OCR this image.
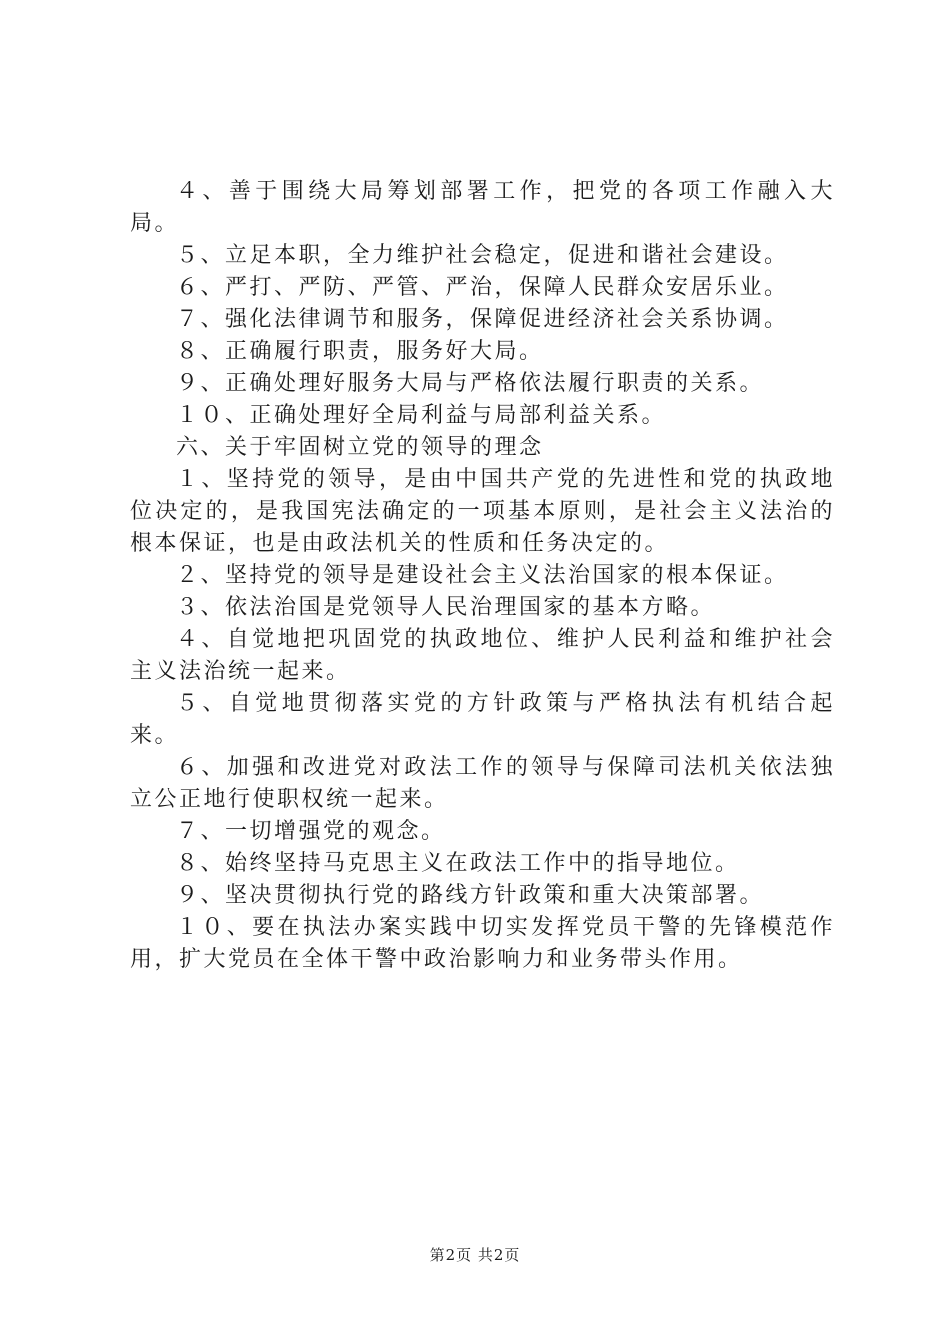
４、善于围绕大局筹划部署工作，把党的各项工作融入大局。

５、立足本职，全力维护社会稳定，促进和谐社会建设。

６、严打、严防、严管、严治，保障人民群众安居乐业。

７、强化法律调节和服务，保障促进经济社会关系协调。

８、正确履行职责，服务好大局。

９、正确处理好服务大局与严格依法履行职责的关系。

１０、正确处理好全局利益与局部利益关系。

六、关于牢固树立党的领导的理念

１、坚持党的领导，是由中国共产党的先进性和党的执政地位决定的，是我国宪法确定的一项基本原则，是社会主义法治的根本保证，也是由政法机关的性质和任务决定的。

２、坚持党的领导是建设社会主义法治国家的根本保证。

３、依法治国是党领导人民治理国家的基本方略。

４、自觉地把巩固党的执政地位、维护人民利益和维护社会主义法治统一起来。

５、自觉地贯彻落实党的方针政策与严格执法有机结合起来。

６、加强和改进党对政法工作的领导与保障司法机关依法独立公正地行使职权统一起来。

７、一切增强党的观念。

８、始终坚持马克思主义在政法工作中的指导地位。

９、坚决贯彻执行党的路线方针政策和重大决策部署。

１０、要在执法办案实践中切实发挥党员干警的先锋模范作用，扩大党员在全体干警中政治影响力和业务带头作用。

第2页 共2页
